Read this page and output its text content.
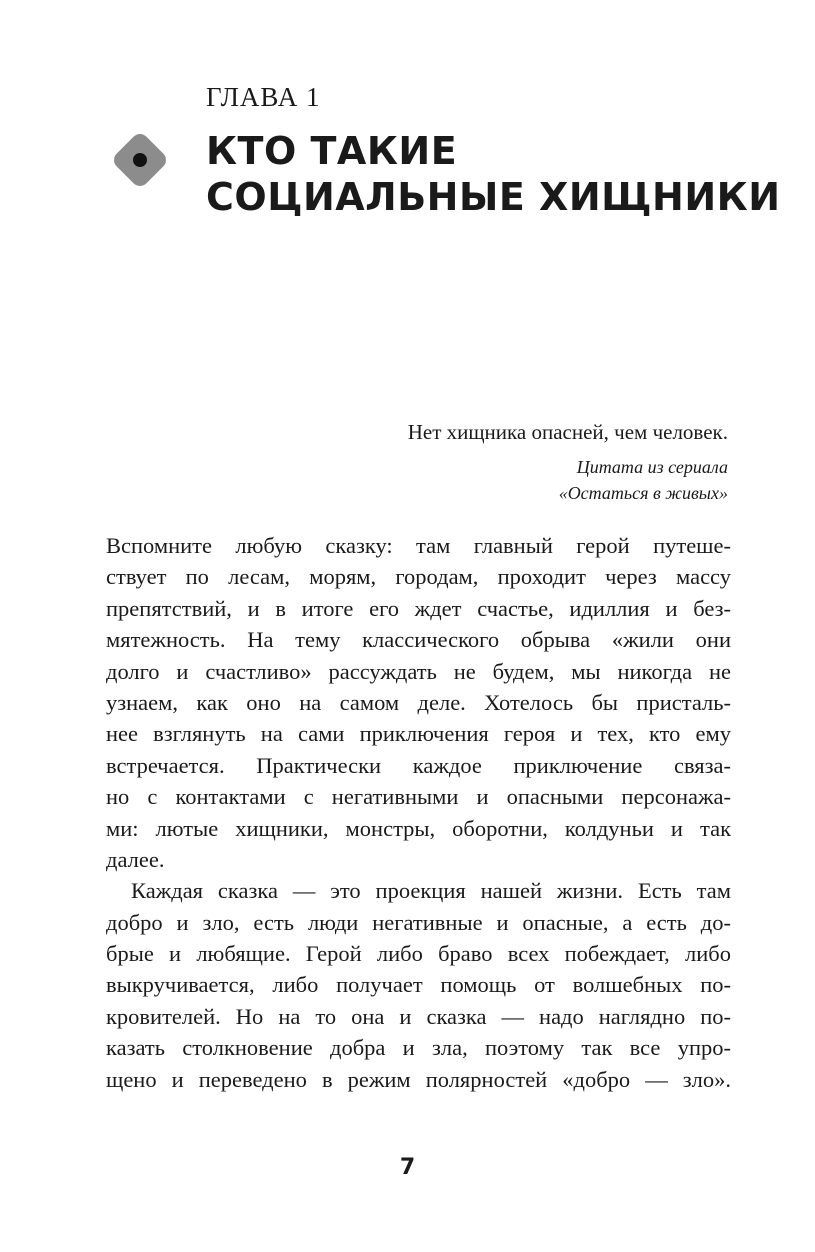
ГЛАВА 1
КТО ТАКИЕ
СОЦИАЛЬНЫЕ ХИЩНИКИ

Нет хищника опасней, чем человек.

Цитата из сериала
«Остаться в живых»

Вспомните любую сказку: там главный герой путеше-
ствует по лесам, морям, городам, проходит через массу
препятствий, и в итоге его ждет счастье, идиллия и без-
мятежность. На тему классического обрыва «жили они
долго и счастливо» рассуждать не будем, мы никогда не
узнаем, как оно на самом деле. Хотелось бы присталь-
нее взглянуть на сами приключения героя и тех, кто ему
встречается. Практически каждое приключение связа-
но с контактами с негативными и опасными персонажа-
ми: лютые хищники, монстры, оборотни, колдуньи и так
далее.
Каждая сказка — это проекция нашей жизни. Есть там
добро и зло, есть люди негативные и опасные, а есть до-
брые и любящие. Герой либо браво всех побеждает, либо
выкручивается, либо получает помощь от волшебных по-
кровителей. Но на то она и сказка — надо наглядно по-
казать столкновение добра и зла, поэтому так все упро-
щено и переведено в режим полярностей «добро — зло».
7
